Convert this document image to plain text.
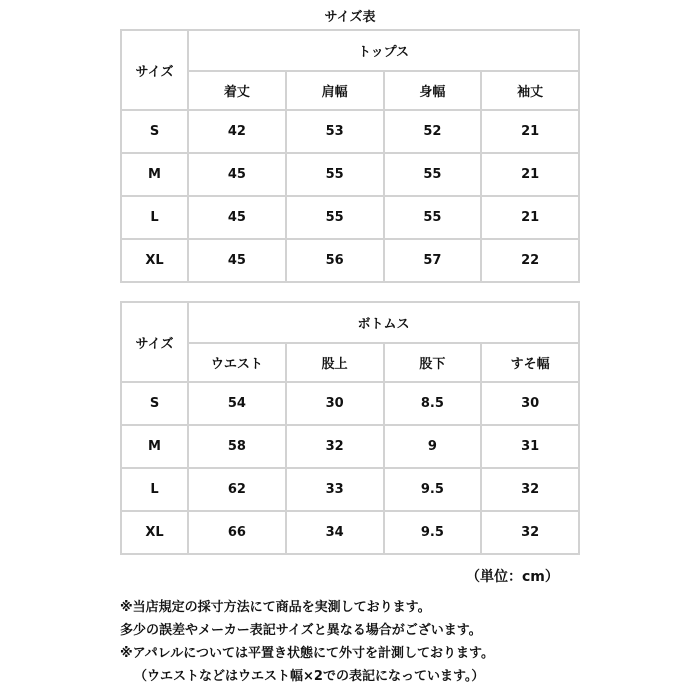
サイズ表
サイズ	トップス			
	着丈	肩幅	身幅	袖丈
S	42	53	52	21
M	45	55	55	21
L	45	55	55	21
XL	45	56	57	22
サイズ	ボトムス			
	ウエスト	股上	股下	すそ幅
S	54	30	8.5	30
M	58	32	9	31
L	62	33	9.5	32
XL	66	34	9.5	32
（単位：cm）
※当店規定の採寸方法にて商品を実測しております。
多少の誤差やメーカー表記サイズと異なる場合がございます。
※アパレルについては平置き状態にて外寸を計測しております。
（ウエストなどはウエスト幅×2での表記になっています。）
